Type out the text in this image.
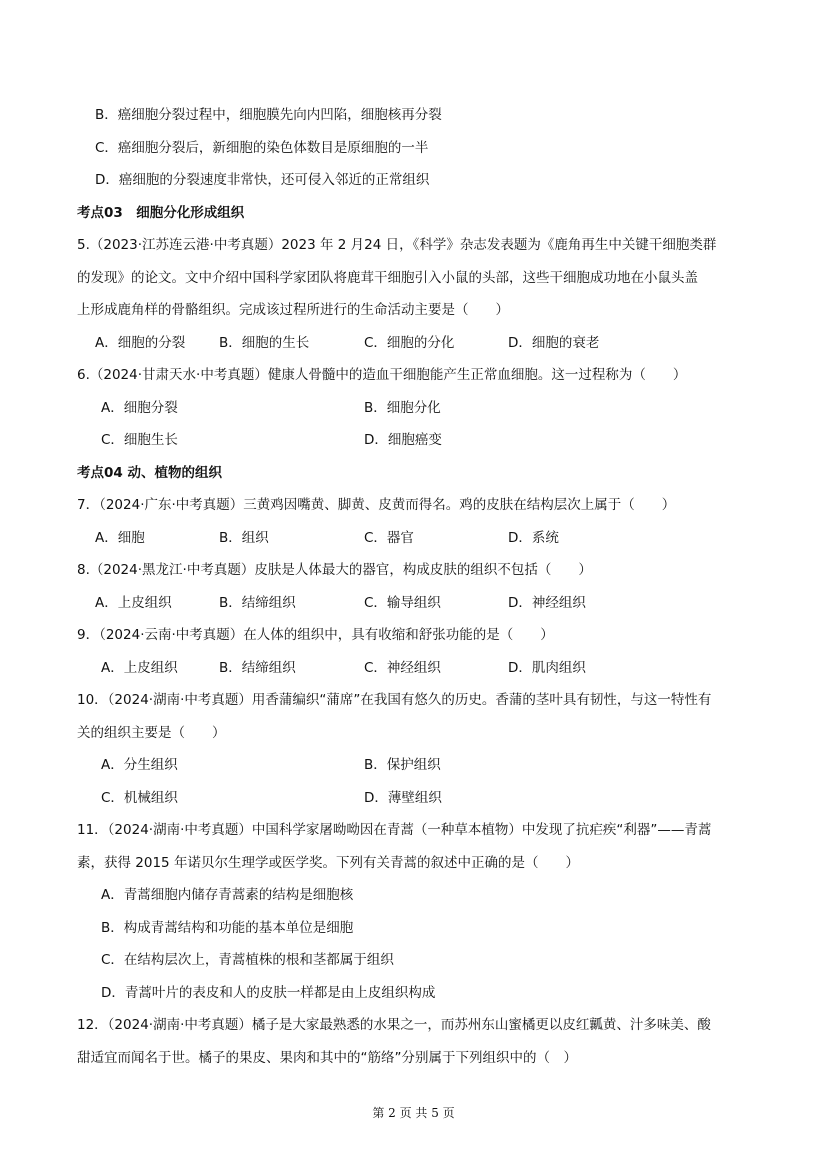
B．癌细胞分裂过程中，细胞膜先向内凹陷，细胞核再分裂
C．癌细胞分裂后，新细胞的染色体数目是原细胞的一半
D．癌细胞的分裂速度非常快，还可侵入邻近的正常组织
考点03　细胞分化形成组织
5.（2023·江苏连云港·中考真题）2023 年 2 月24 日，《科学》杂志发表题为《鹿角再生中关键干细胞类群
的发现》的论文。文中介绍中国科学家团队将鹿茸干细胞引入小鼠的头部，这些干细胞成功地在小鼠头盖
上形成鹿角样的骨骼组织。完成该过程所进行的生命活动主要是（　　）
A．细胞的分裂	B．细胞的生长	C．细胞的分化	D．细胞的衰老
6.（2024·甘肃天水·中考真题）健康人骨髓中的造血干细胞能产生正常血细胞。这一过程称为（　　）
A．细胞分裂	B．细胞分化
C．细胞生长	D．细胞癌变
考点04 动、植物的组织
7．（2024·广东·中考真题）三黄鸡因嘴黄、脚黄、皮黄而得名。鸡的皮肤在结构层次上属于（　　）
A．细胞	B．组织	C．器官	D．系统
8.（2024·黑龙江·中考真题）皮肤是人体最大的器官，构成皮肤的组织不包括（　　）
A．上皮组织	B．结缔组织	C．输导组织	D．神经组织
9．（2024·云南·中考真题）在人体的组织中，具有收缩和舒张功能的是（　　）
A．上皮组织	B．结缔组织	C．神经组织	D．肌肉组织
10．（2024·湖南·中考真题）用香蒲编织“蒲席”在我国有悠久的历史。香蒲的茎叶具有韧性，与这一特性有
关的组织主要是（　　）
A．分生组织	B．保护组织
C．机械组织	D．薄壁组织
11．（2024·湖南·中考真题）中国科学家屠呦呦因在青蒿（一种草本植物）中发现了抗疟疾“利器”——青蒿
素，获得 2015 年诺贝尔生理学或医学奖。下列有关青蒿的叙述中正确的是（　　）
A．青蒿细胞内储存青蒿素的结构是细胞核
B．构成青蒿结构和功能的基本单位是细胞
C．在结构层次上，青蒿植株的根和茎都属于组织
D．青蒿叶片的表皮和人的皮肤一样都是由上皮组织构成
12．（2024·湖南·中考真题）橘子是大家最熟悉的水果之一，而苏州东山蜜橘更以皮红瓤黄、汁多味美、酸
甜适宜而闻名于世。橘子的果皮、果肉和其中的“筋络”分别属于下列组织中的（　）
第 2 页 共 5 页
